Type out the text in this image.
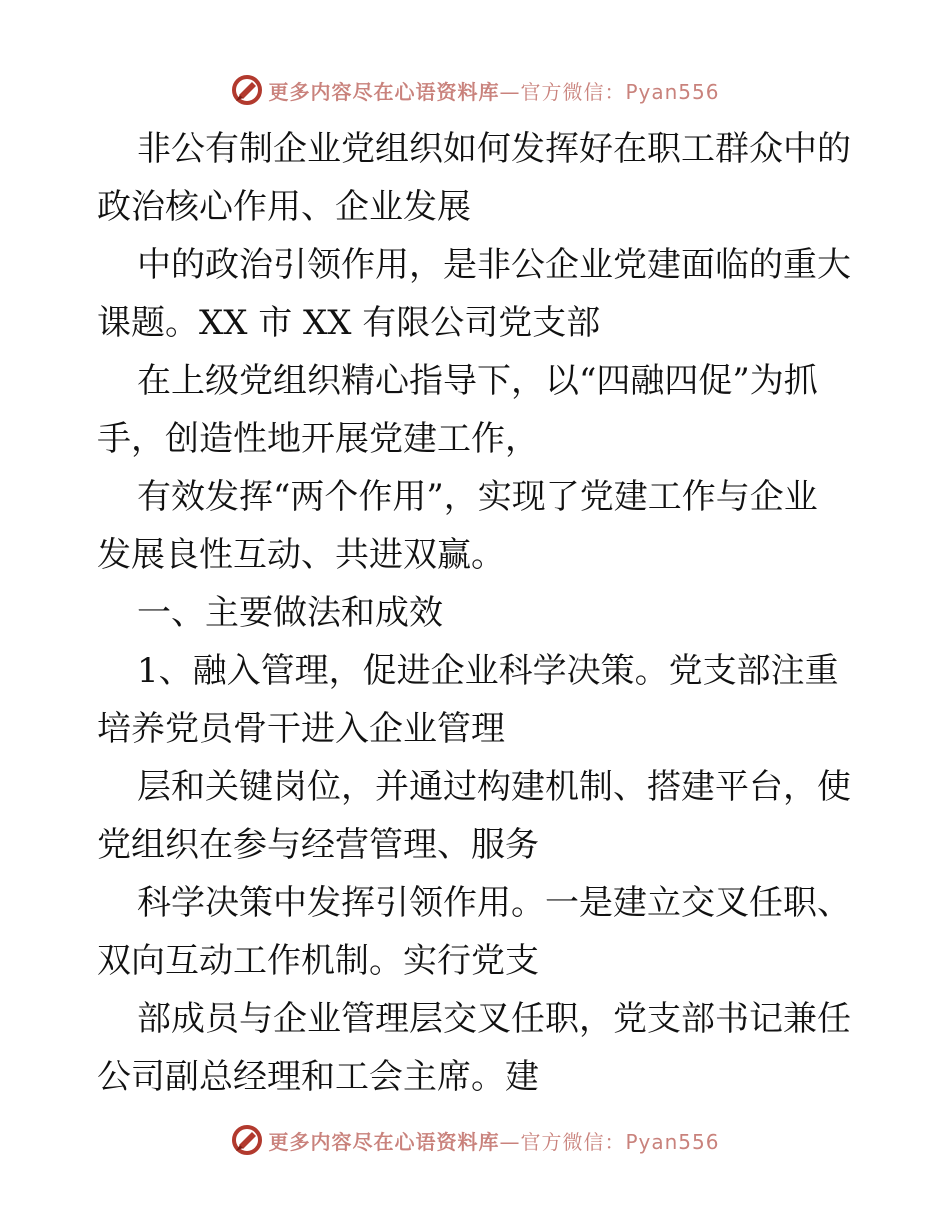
更多内容尽在心语资料库—官方微信：Pyan556
非公有制企业党组织如何发挥好在职工群众中的
政治核心作用、企业发展
中的政治引领作用，是非公企业党建面临的重大
课题。XX 市 XX 有限公司党支部
在上级党组织精心指导下，以“四融四促”为抓
手，创造性地开展党建工作，
有效发挥“两个作用”，实现了党建工作与企业
发展良性互动、共进双赢。
一、主要做法和成效
1、融入管理，促进企业科学决策。党支部注重
培养党员骨干进入企业管理
层和关键岗位，并通过构建机制、搭建平台，使
党组织在参与经营管理、服务
科学决策中发挥引领作用。一是建立交叉任职、
双向互动工作机制。实行党支
部成员与企业管理层交叉任职，党支部书记兼任
公司副总经理和工会主席。建
更多内容尽在心语资料库—官方微信：Pyan556
